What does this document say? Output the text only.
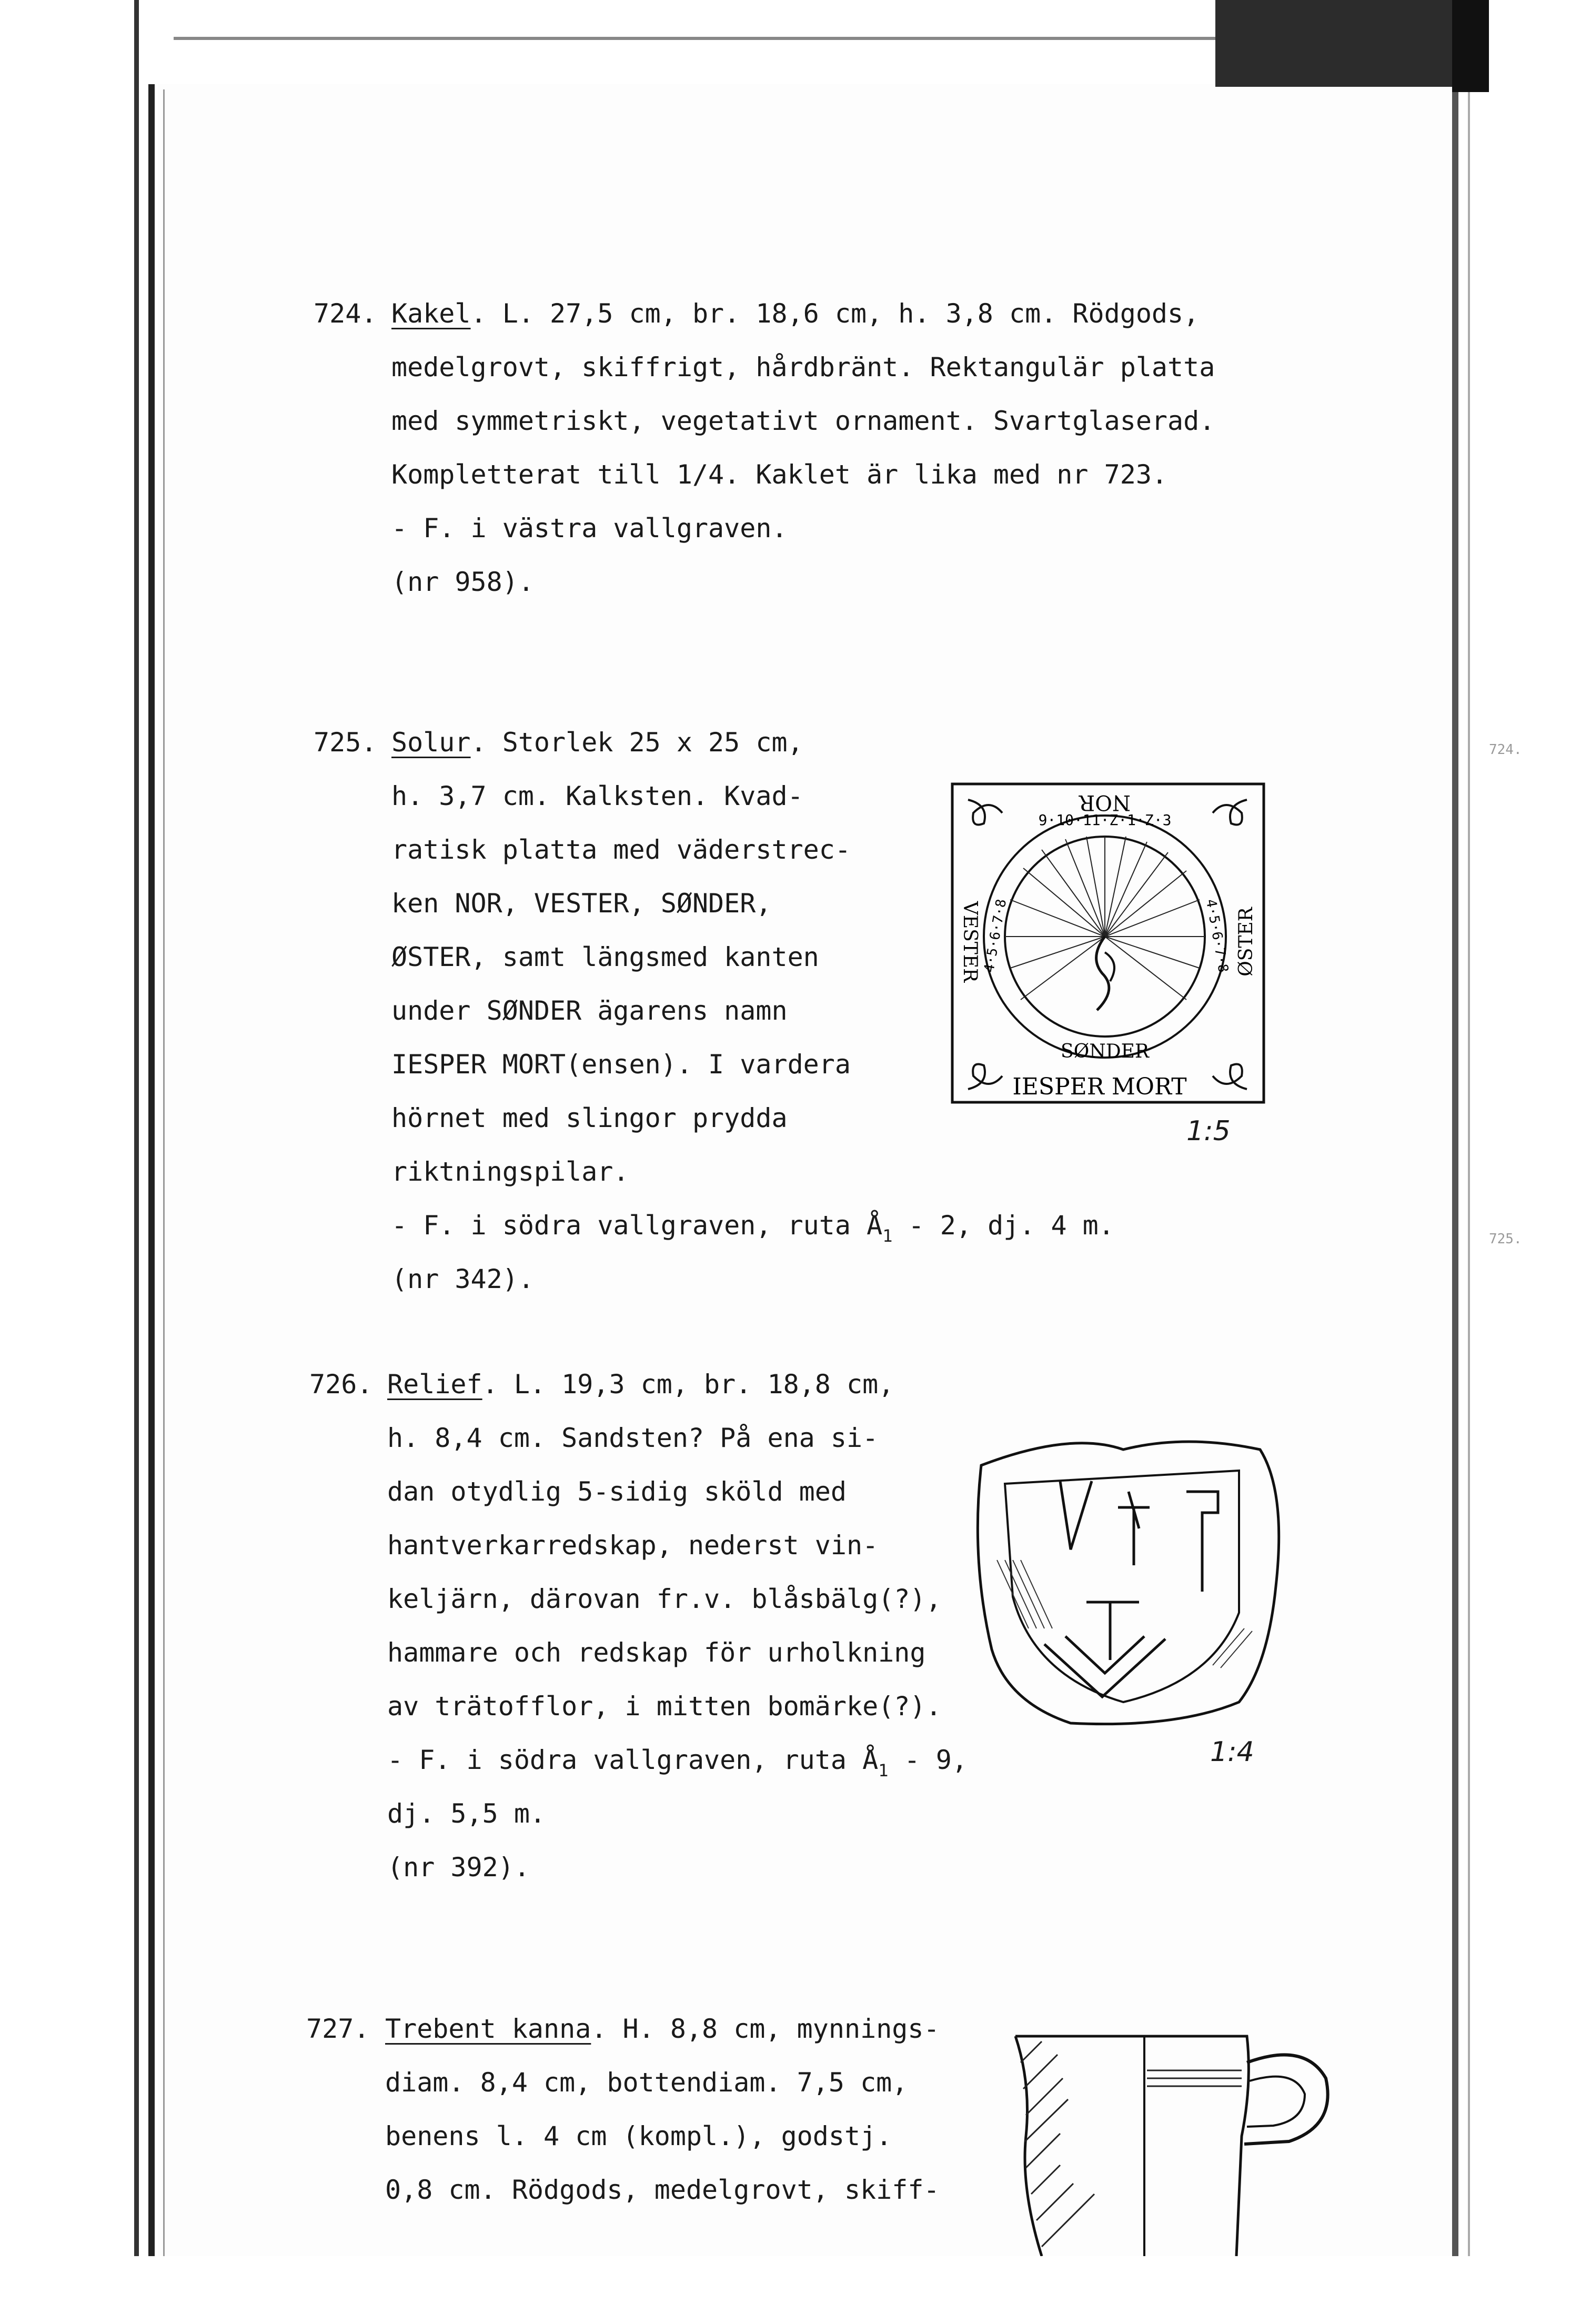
724.
725.

724.

Kakel. L. 27,5 cm, br. 18,6 cm, h. 3,8 cm. Rödgods,

medelgrovt, skiffrigt, hårdbränt. Rektangulär platta

med symmetriskt, vegetativt ornament. Svartglaserad.

Kompletterat till 1/4. Kaklet är lika med nr 723.

- F. i västra vallgraven.

(nr 958).

725.

Solur. Storlek 25 x 25 cm,

h. 3,7 cm. Kalksten. Kvad-

ratisk platta med väderstrec-

ken NOR, VESTER, SØNDER,

ØSTER, samt längsmed kanten

under SØNDER ägarens namn

IESPER MORT(ensen). I vardera

hörnet med slingor prydda

riktningspilar.

- F. i södra vallgraven, ruta $Å_1 - 2$, dj. 4 m.

(nr 342).

9·10·11·Z·1·Z·3
NOR
VESTER
SØNDER
ØSTER
IESPER MORT
4·5·6·7·8	4·5·6·7·8
1:5

726.

Relief. L. 19,3 cm, br. 18,8 cm,

h. 8,4 cm. Sandsten? På ena si-

dan otydlig 5-sidig sköld med

hantverkarredskap, nederst vin-

keljärn, därovan fr.v. blåsbälg(?),

hammare och redskap för urholkning

av trätofflor, i mitten bomärke(?).

- F. i södra vallgraven, ruta $Å_1 - 9$,

dj. 5,5 m.

(nr 392).

1:4

727.

Trebent kanna. H. 8,8 cm, mynnings-

diam. 8,4 cm, bottendiam. 7,5 cm,

benens l. 4 cm (kompl.), godstj.

0,8 cm. Rödgods, medelgrovt, skiff-
